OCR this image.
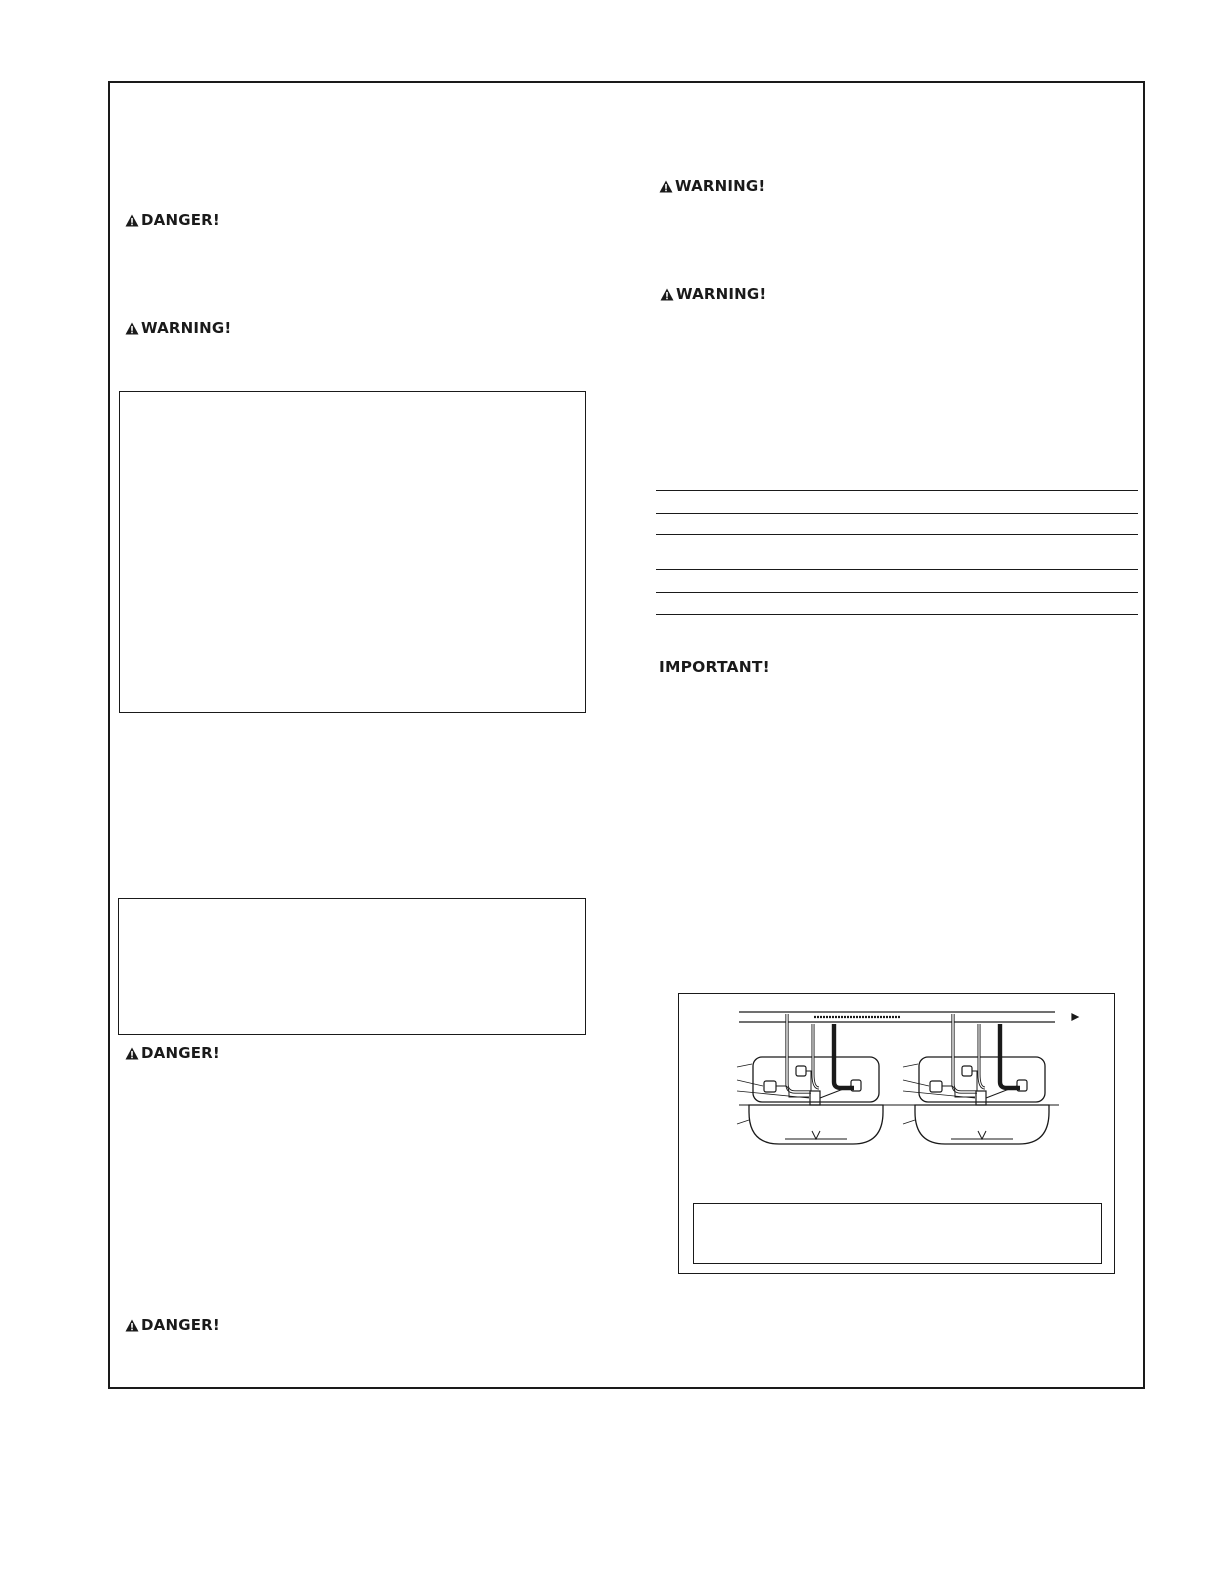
DANGER!
WARNING!
DANGER!
DANGER!
WARNING!
WARNING!
IMPORTANT!
